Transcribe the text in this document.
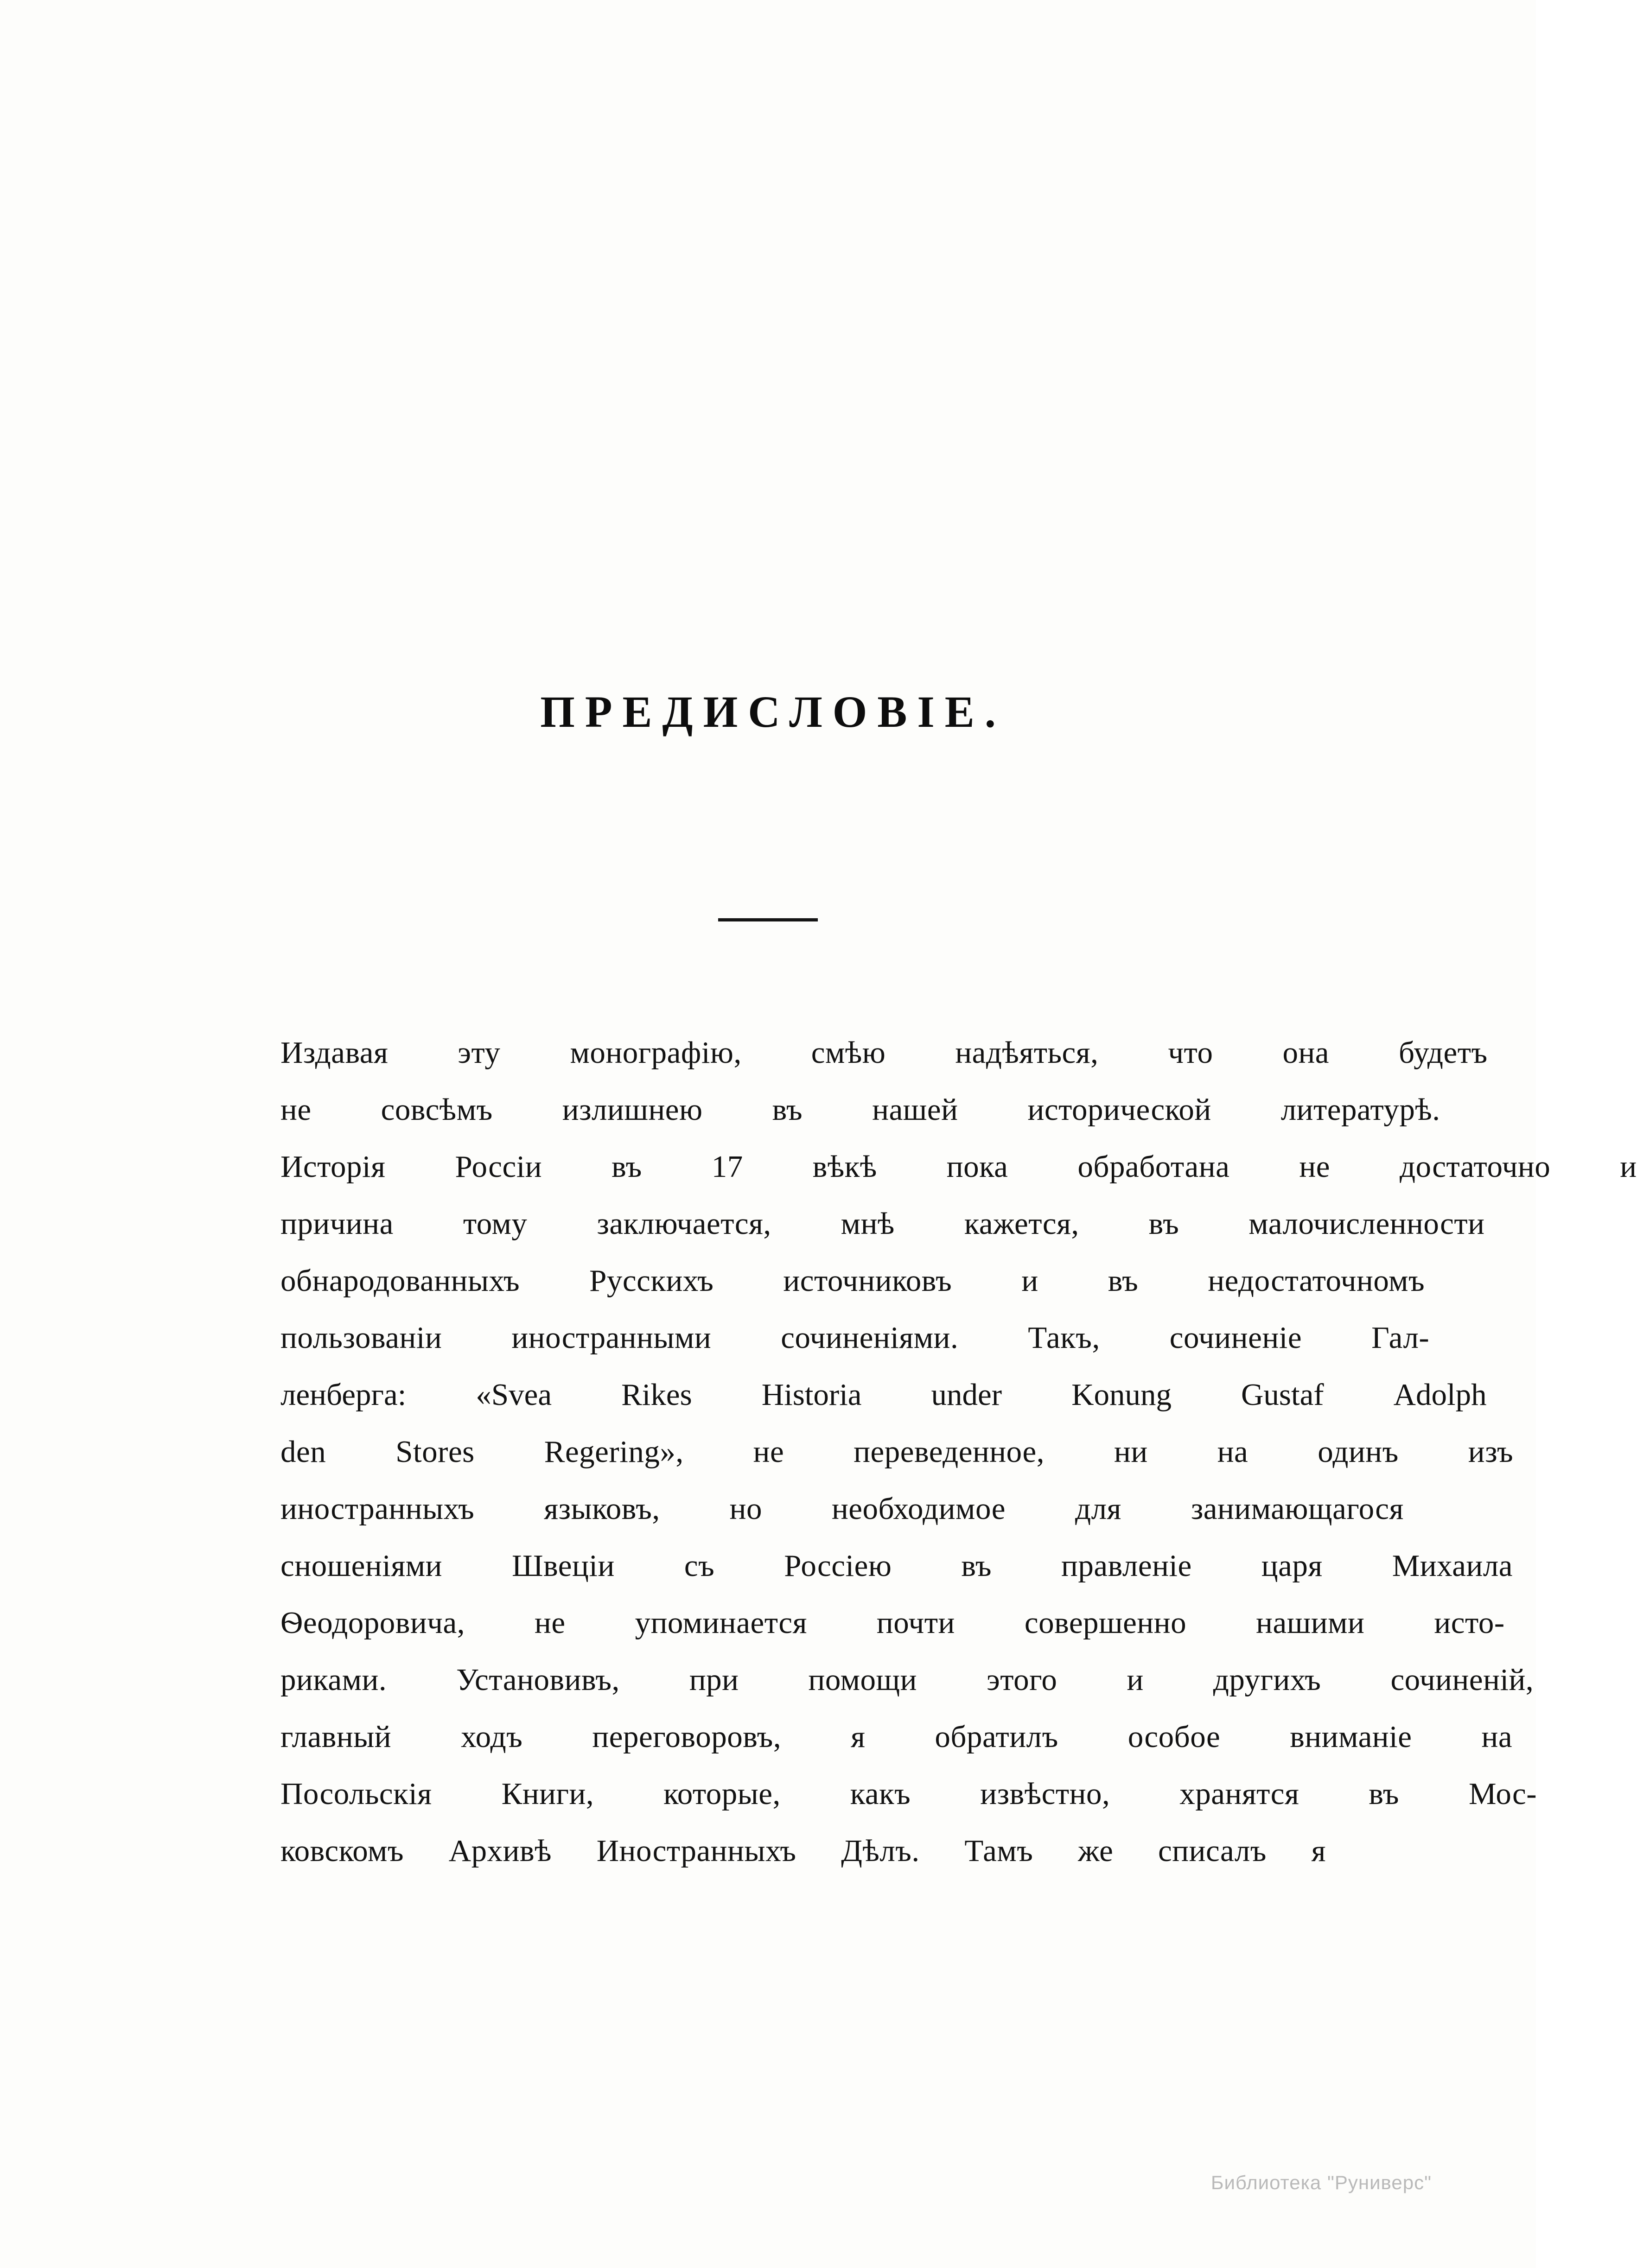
ПРЕДИСЛОВІЕ.

Издавая	эту	монографію,	смѣю	надѣяться,	что	она	будетъ
не	совсѣмъ	излишнею	въ	нашей	исторической	литературѣ.
Исторія	Россіи	въ	17	вѣкѣ	пока	обработана	не	достаточно	и
причина	тому	заключается,	мнѣ	кажется,	въ	малочисленности
обнародованныхъ	Русскихъ	источниковъ	и	въ	недостаточномъ
пользованіи	иностранными	сочиненіями.	Такъ,	сочиненіе	Гал-
ленберга:	«Svea	Rikes	Historia	under	Konung	Gustaf	Adolph
den	Stores	Regering»,	не	переведенное,	ни	на	одинъ	изъ
иностранныхъ	языковъ,	но	необходимое	для	занимающагося
сношеніями	Швеціи	съ	Россіею	въ	правленіе	царя	Михаила
Ѳеодоровича,	не	упоминается	почти	совершенно	нашими	исто-
риками.	Установивъ,	при	помощи	этого	и	другихъ	сочиненій,
главный	ходъ	переговоровъ,	я	обратилъ	особое	вниманіе	на
Посольскія	Книги,	которые,	какъ	извѣстно,	хранятся	въ	Мос-
ковскомъ Архивѣ Иностранныхъ Дѣлъ. Тамъ же списалъ я

Библиотека "Руниверс"
